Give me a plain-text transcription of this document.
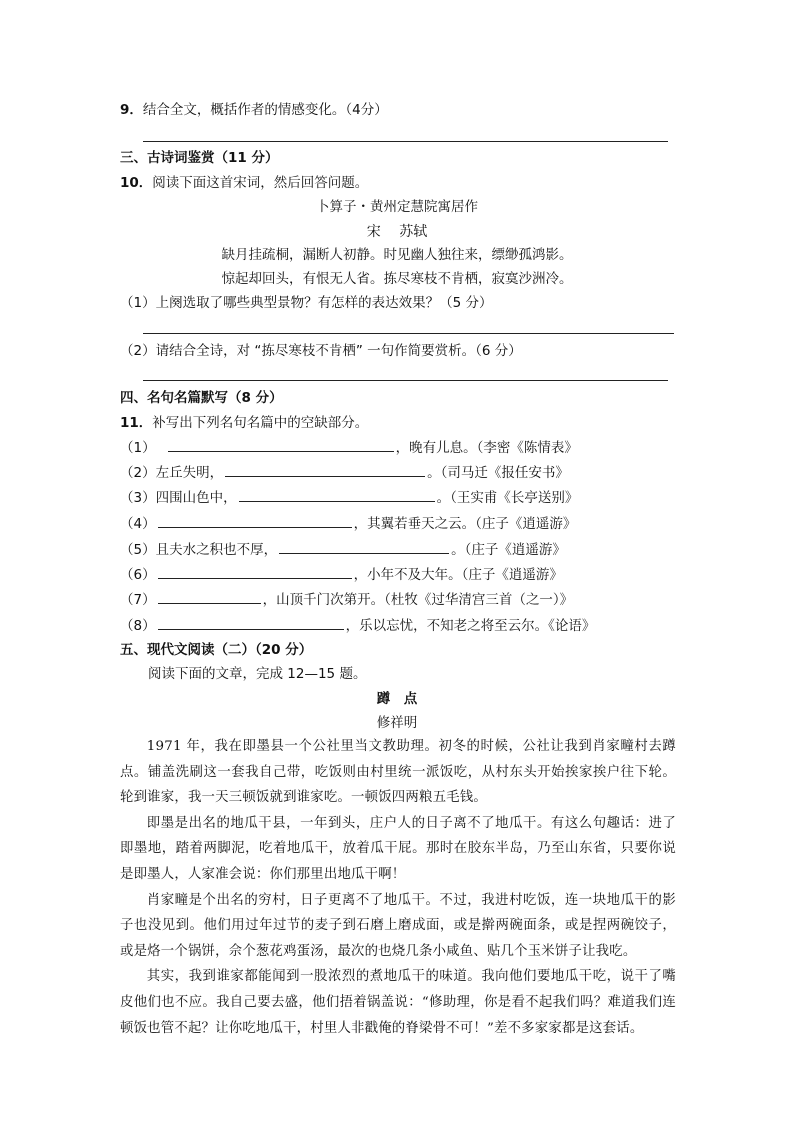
9．结合全文，概括作者的情感变化。（4分）
三、古诗词鉴赏（11 分）
10．阅读下面这首宋词，然后回答问题。
卜算子・黄州定慧院寓居作
宋　 苏轼
缺月挂疏桐，漏断人初静。时见幽人独往来，缥缈孤鸿影。
惊起却回头，有恨无人省。拣尽寒枝不肯栖，寂寞沙洲冷。
（1）上阕选取了哪些典型景物？有怎样的表达效果？（5 分）
（2）请结合全诗，对 “拣尽寒枝不肯栖” 一句作简要赏析。（6 分）
四、名句名篇默写（8 分）
11．补写出下列名句名篇中的空缺部分。
（1）	，晚有儿息。（李密《陈情表》
（2）左丘失明，	。（司马迁《报任安书》
（3）四围山色中，	。（王实甫《长亭送别》
（4）	，其翼若垂天之云。（庄子《逍遥游》
（5）且夫水之积也不厚，	。（庄子《逍遥游》
（6）	，小年不及大年。（庄子《逍遥游》
（7）	，山顶千门次第开。（杜牧《过华清宫三首（之一）》
（8）	，乐以忘忧，不知老之将至云尔。《论语》
五、现代文阅读（二）（20 分）
阅读下面的文章，完成 12—15 题。
蹲　点
修祥明

1971 年，我在即墨县一个公社里当文教助理。初冬的时候，公社让我到肖家疃村去蹲点。铺盖洗刷这一套我自己带，吃饭则由村里统一派饭吃，从村东头开始挨家挨户往下轮。轮到谁家，我一天三顿饭就到谁家吃。一顿饭四两粮五毛钱。

即墨是出名的地瓜干县，一年到头，庄户人的日子离不了地瓜干。有这么句趣话：进了即墨地，踏着两脚泥，吃着地瓜干，放着瓜干屁。那时在胶东半岛，乃至山东省，只要你说是即墨人，人家准会说：你们那里出地瓜干啊！

肖家疃是个出名的穷村，日子更离不了地瓜干。不过，我进村吃饭，连一块地瓜干的影子也没见到。他们用过年过节的麦子到石磨上磨成面，或是擀两碗面条，或是捏两碗饺子，或是烙一个锅饼，佘个葱花鸡蛋汤，最次的也烧几条小咸鱼、贴几个玉米饼子让我吃。

其实，我到谁家都能闻到一股浓烈的煮地瓜干的味道。我向他们要地瓜干吃，说干了嘴皮他们也不应。我自己要去盛，他们捂着锅盖说：“修助理，你是看不起我们吗？难道我们连顿饭也管不起？让你吃地瓜干，村里人非戳俺的脊梁骨不可！”差不多家家都是这套话。
